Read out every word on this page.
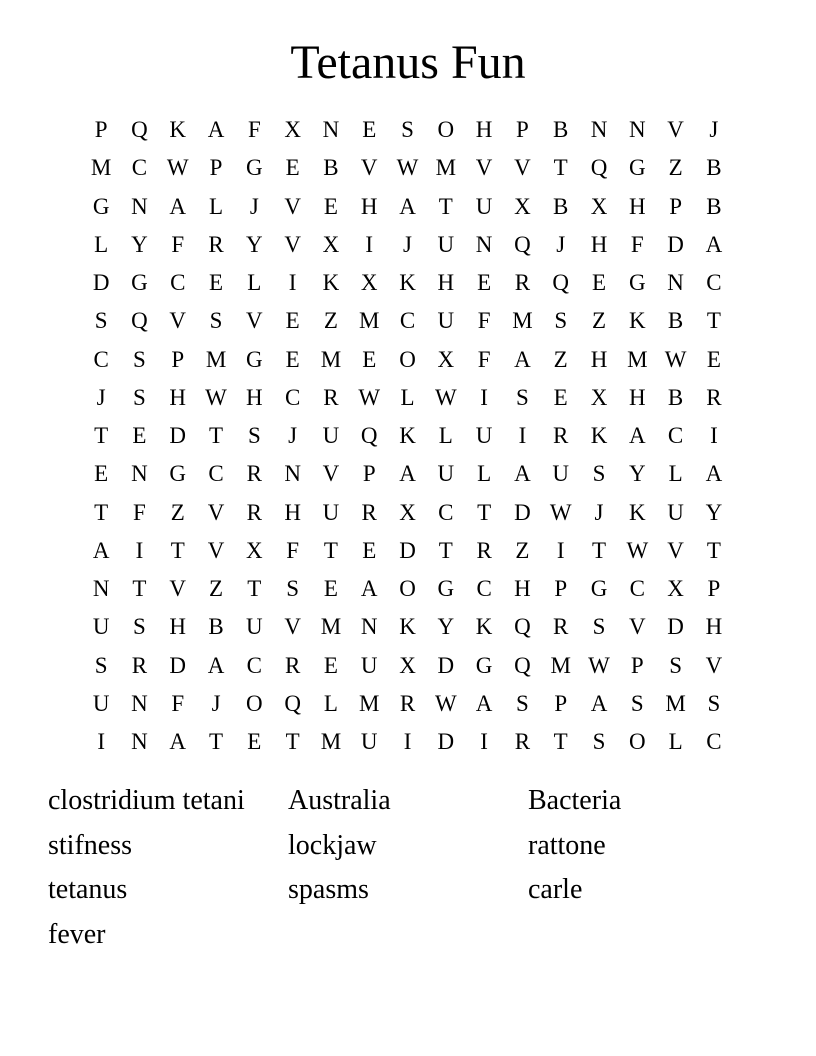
Tetanus Fun
P	Q K A	F	X N E	S	O H	P	B N N V	J
M C W P	G E	B V W M V V T Q G Z	B
G N A L	J	V E H A T U X B X H	P	B
L Y	F	R Y V X	I	J	U N Q	J	H	F	D A
D G C	E	L	I	K X K H E	R Q E G N C
S	Q V	S	V E	Z M C U	F M S	Z K B	T
C	S	P M G E M E O X	F	A Z H M W E
J	S	H W H C R W L W	I	S	E X H B R
T	E D T	S	J	U Q K L U	I	R K A C	I
E N G C R N V	P	A U L A U	S	Y L A
T	F	Z V R H U R X C	T D W J	K U Y
A	I	T V X	F	T	E D T	R	Z	I	T W V T
N T V Z	T	S	E A O G C H	P	G C X	P
U	S	H B U V M N K Y K Q R	S	V D H
S	R D A C R	E U X D G Q M W P	S	V
U N	F	J	O Q L M R W A	S	P	A	S M S
I	N A T	E	T M U	I	D	I	R	T	S	O L	C
clostridium tetani	Australia	Bacteria
stifness	lockjaw	rattone
tetanus	spasms	carle
fever
